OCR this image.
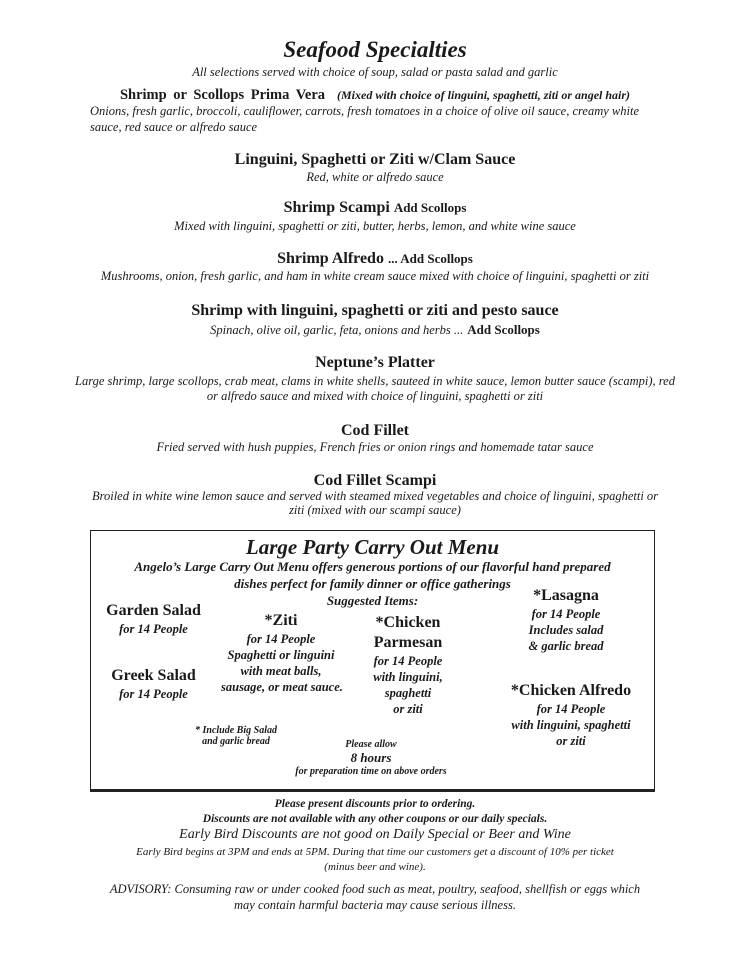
Seafood Specialties
All selections served with choice of soup, salad or pasta salad and garlic
Shrimp or Scollops Prima Vera (Mixed with choice of linguini, spaghetti, ziti or angel hair)
Onions, fresh garlic, broccoli, cauliflower, carrots, fresh tomatoes in a choice of olive oil sauce, creamy white
sauce, red sauce or alfredo sauce
Linguini, Spaghetti or Ziti w/Clam Sauce
Red, white or alfredo sauce
Shrimp Scampi Add Scollops
Mixed with linguini, spaghetti or ziti, butter, herbs, lemon, and white wine sauce
Shrimp Alfredo ... Add Scollops
Mushrooms, onion, fresh garlic, and ham in white cream sauce mixed with choice of linguini, spaghetti or ziti
Shrimp with linguini, spaghetti or ziti and pesto sauce
Spinach, olive oil, garlic, feta, onions and herbs ... Add Scollops
Neptune’s Platter
Large shrimp, large scollops, crab meat, clams in white shells, sauteed in white sauce, lemon butter sauce (scampi), red
or alfredo sauce and mixed with choice of linguini, spaghetti or ziti
Cod Fillet
Fried served with hush puppies, French fries or onion rings and homemade tatar sauce
Cod Fillet Scampi
Broiled in white wine lemon sauce and served with steamed mixed vegetables and choice of linguini, spaghetti or
ziti (mixed with our scampi sauce)
Large Party Carry Out Menu
Angelo’s Large Carry Out Menu offers generous portions of our flavorful hand prepared
dishes perfect for family dinner or office gatherings
Suggested Items:
Garden Salad
for 14 People
Greek Salad
for 14 People
*Ziti
for 14 People
Spaghetti or linguini
with meat balls,
sausage, or meat sauce.
*Chicken
Parmesan
for 14 People
with linguini,
spaghetti
or ziti
*Lasagna
for 14 People
Includes salad
& garlic bread
*Chicken Alfredo
for 14 People
with linguini, spaghetti
or ziti
* Include Big Salad
and garlic bread	Please allow
8 hours
for preparation time on above orders
Please present discounts prior to ordering.
Discounts are not available with any other coupons or our daily specials.
Early Bird Discounts are not good on Daily Special or Beer and Wine
Early Bird begins at 3PM and ends at 5PM. During that time our customers get a discount of 10% per ticket
(minus beer and wine).
ADVISORY: Consuming raw or under cooked food such as meat, poultry, seafood, shellfish or eggs which
may contain harmful bacteria may cause serious illness.
